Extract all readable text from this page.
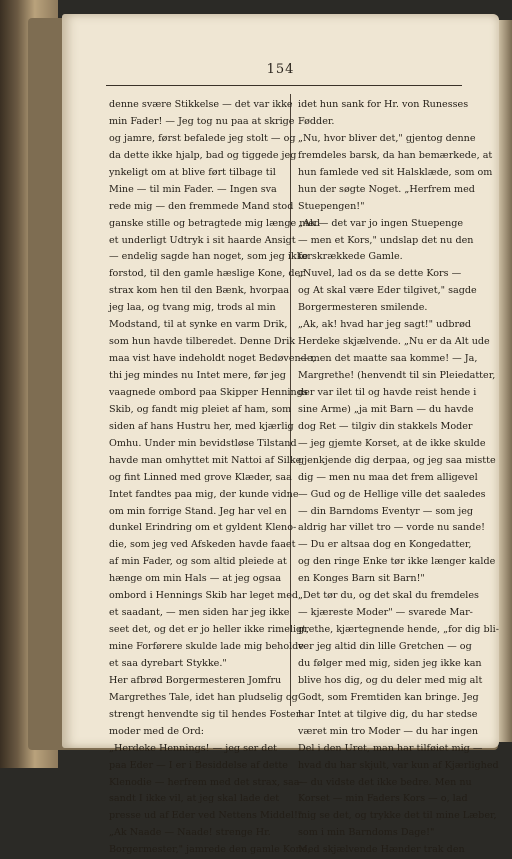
154
denne svære Stikkelse — det var ikke
min Fader! — Jeg tog nu paa at skrige
og jamre, først befalede jeg stolt — og
da dette ikke hjalp, bad og tiggede jeg
ynkeligt om at blive ført tilbage til
Mine — til min Fader. — Ingen sva
rede mig — den fremmede Mand stod
ganske stille og betragtede mig længe med
et underligt Udtryk i sit haarde Ansigt
— endelig sagde han noget, som jeg ikke
forstod, til den gamle hæslige Kone, der
strax kom hen til den Bænk, hvorpaa
jeg laa, og tvang mig, trods al min
Modstand, til at synke en varm Drik,
som hun havde tilberedet. Denne Drik
maa vist have indeholdt noget Bedøvende,
thi jeg mindes nu Intet mere, før jeg
vaagnede ombord paa Skipper Hennings
Skib, og fandt mig pleiet af ham, som
siden af hans Hustru her, med kjærlig
Omhu. Under min bevidstløse Tilstand
havde man omhyttet mit Nattoi af Silke
og fint Linned med grove Klæder, saa
Intet fandtes paa mig, der kunde vidne
om min forrige Stand. Jeg har vel en
dunkel Erindring om et gyldent Kleno-
die, som jeg ved Afskeden havde faaet
af min Fader, og som altid pleiede at
hænge om min Hals — at jeg ogsaa
ombord i Hennings Skib har leget med
et saadant, — men siden har jeg ikke
seet det, og det er jo heller ikke rimeligt,
mine Forførere skulde lade mig beholde
et saa dyrebart Stykke."
Her afbrød Borgermesteren Jomfru
Margrethes Tale, idet han pludselig og
strengt henvendte sig til hendes Foster-
moder med de Ord:
„Herdeke Hennings! — jeg ser det
paa Eder — I er i Besiddelse af dette
Klenodie — herfrem med det strax, saa-
sandt I ikke vil, at jeg skal lade det
presse ud af Eder ved Nettens Middel!"
„Ak Naade — Naade! strenge Hr.
Borgermester," jamrede den gamle Kone,
idet hun sank for Hr. von Runesses
Fødder.
„Nu, hvor bliver det," gjentog denne
fremdeles barsk, da han bemærkede, at
hun famlede ved sit Halsklæde, som om
hun der søgte Noget. „Herfrem med
Stuepengen!"
„Ak — det var jo ingen Stuepenge
— men et Kors," undslap det nu den
forskrækkede Gamle.
„Nuvel, lad os da se dette Kors —
og At skal være Eder tilgivet," sagde
Borgermesteren smilende.
„Ak, ak! hvad har jeg sagt!" udbrød
Herdeke skjælvende. „Nu er da Alt ude
— men det maatte saa komme! — Ja,
Margrethe! (henvendt til sin Pleiedatter,
der var ilet til og havde reist hende i
sine Arme) „ja mit Barn — du havde
dog Ret — tilgiv din stakkels Moder
— jeg gjemte Korset, at de ikke skulde
gjenkjende dig derpaa, og jeg saa mistte
dig — men nu maa det frem alligevel
— Gud og de Hellige ville det saaledes
— din Barndoms Eventyr — som jeg
aldrig har villet tro — vorde nu sande!
— Du er altsaa dog en Kongedatter,
og den ringe Enke tør ikke længer kalde
en Konges Barn sit Barn!"
„Det tør du, og det skal du fremdeles
— kjæreste Moder" — svarede Mar-
grethe, kjærtegnende hende, „for dig bli-
ver jeg altid din lille Gretchen — og
du følger med mig, siden jeg ikke kan
blive hos dig, og du deler med mig alt
Godt, som Fremtiden kan bringe. Jeg
har Intet at tilgive dig, du har stedse
været min tro Moder — du har ingen
Del i den Uret, man har tilføiet mig —
hvad du har skjult, var kun af Kjærlighed
— du vidste det ikke bedre. Men nu
Korset — min Faders Kors — o, lad
mig se det, og trykke det til mine Læber,
som i min Barndoms Dage!"
Med skjælvende Hænder trak den
